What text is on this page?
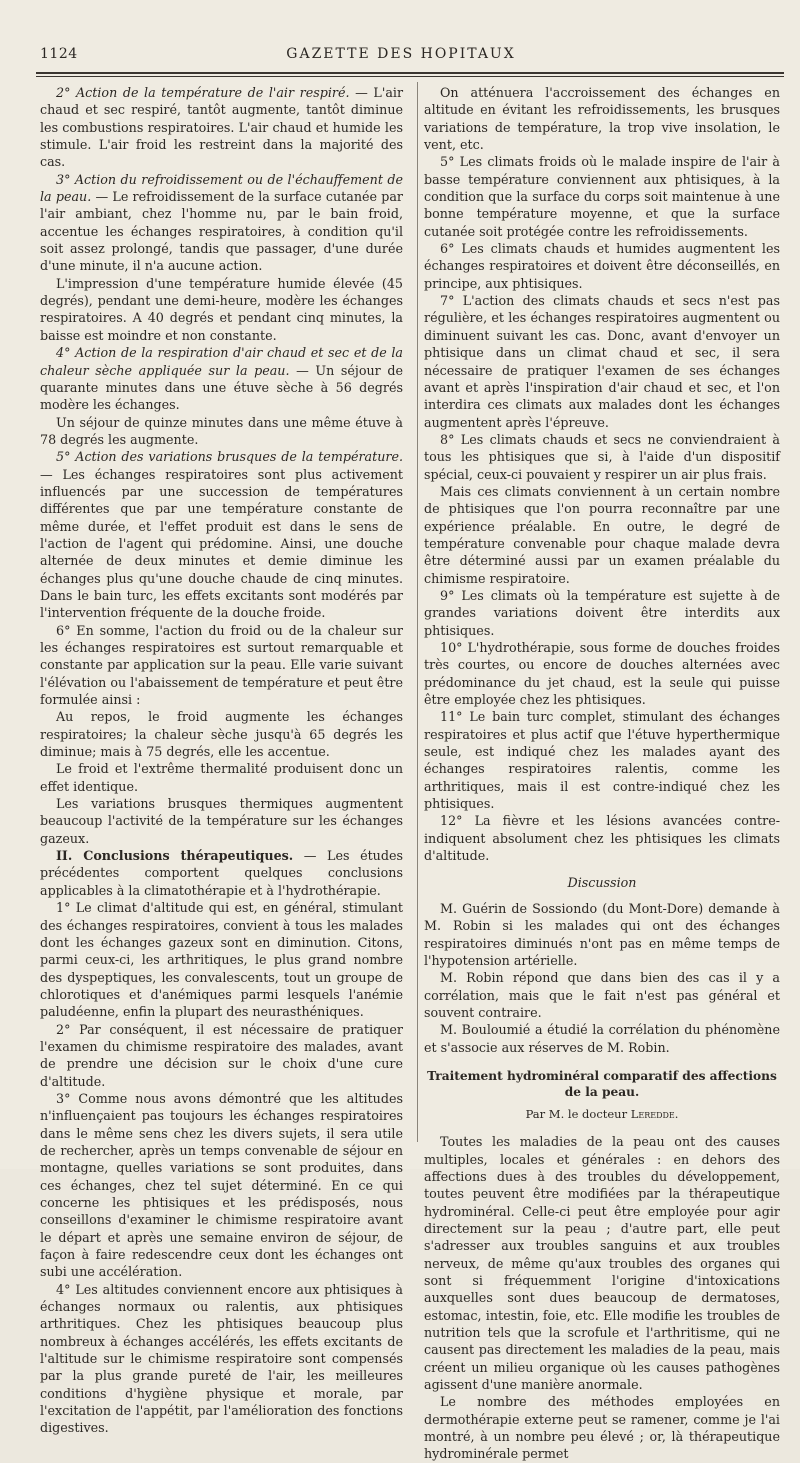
1124	GAZETTE DES HOPITAUX

2° Action de la température de l'air respiré. — L'air chaud et sec respiré, tantôt augmente, tantôt diminue les combustions respiratoires. L'air chaud et humide les stimule. L'air froid les restreint dans la majorité des cas.

3° Action du refroidissement ou de l'échauffement de la peau. — Le refroidissement de la surface cutanée par l'air ambiant, chez l'homme nu, par le bain froid, accentue les échanges respiratoires, à condition qu'il soit assez prolongé, tandis que passager, d'une durée d'une minute, il n'a aucune action.

L'impression d'une température humide élevée (45 degrés), pendant une demi-heure, modère les échanges respiratoires. A 40 degrés et pendant cinq minutes, la baisse est moindre et non constante.

4° Action de la respiration d'air chaud et sec et de la chaleur sèche appliquée sur la peau. — Un séjour de quarante minutes dans une étuve sèche à 56 degrés modère les échanges.

Un séjour de quinze minutes dans une même étuve à 78 degrés les augmente.

5° Action des variations brusques de la température. — Les échanges respiratoires sont plus activement influencés par une succession de températures différentes que par une température constante de même durée, et l'effet produit est dans le sens de l'action de l'agent qui prédomine. Ainsi, une douche alternée de deux minutes et demie diminue les échanges plus qu'une douche chaude de cinq minutes. Dans le bain turc, les effets excitants sont modérés par l'intervention fréquente de la douche froide.

6° En somme, l'action du froid ou de la chaleur sur les échanges respiratoires est surtout remarquable et constante par application sur la peau. Elle varie suivant l'élévation ou l'abaissement de température et peut être formulée ainsi :

Au repos, le froid augmente les échanges respiratoires; la chaleur sèche jusqu'à 65 degrés les diminue; mais à 75 degrés, elle les accentue.

Le froid et l'extrême thermalité produisent donc un effet identique.

Les variations brusques thermiques augmentent beaucoup l'activité de la température sur les échanges gazeux.

II. Conclusions thérapeutiques. — Les études précédentes comportent quelques conclusions applicables à la climatothérapie et à l'hydrothérapie.

1° Le climat d'altitude qui est, en général, stimulant des échanges respiratoires, convient à tous les malades dont les échanges gazeux sont en diminution. Citons, parmi ceux-ci, les arthritiques, le plus grand nombre des dyspeptiques, les convalescents, tout un groupe de chlorotiques et d'anémiques parmi lesquels l'anémie paludéenne, enfin la plupart des neurasthéniques.

2° Par conséquent, il est nécessaire de pratiquer l'examen du chimisme respiratoire des malades, avant de prendre une décision sur le choix d'une cure d'altitude.

3° Comme nous avons démontré que les altitudes n'influençaient pas toujours les échanges respiratoires dans le même sens chez les divers sujets, il sera utile de rechercher, après un temps convenable de séjour en montagne, quelles variations se sont produites, dans ces échanges, chez tel sujet déterminé. En ce qui concerne les phtisiques et les prédisposés, nous conseillons d'examiner le chimisme respiratoire avant le départ et après une semaine environ de séjour, de façon à faire redescendre ceux dont les échanges ont subi une accélération.

4° Les altitudes conviennent encore aux phtisiques à échanges normaux ou ralentis, aux phtisiques arthritiques. Chez les phtisiques beaucoup plus nombreux à échanges accélérés, les effets excitants de l'altitude sur le chimisme respiratoire sont compensés par la plus grande pureté de l'air, les meilleures conditions d'hygiène physique et morale, par l'excitation de l'appétit, par l'amélioration des fonctions digestives.

On atténuera l'accroissement des échanges en altitude en évitant les refroidissements, les brusques variations de température, la trop vive insolation, le vent, etc.

5° Les climats froids où le malade inspire de l'air à basse température conviennent aux phtisiques, à la condition que la surface du corps soit maintenue à une bonne température moyenne, et que la surface cutanée soit protégée contre les refroidissements.

6° Les climats chauds et humides augmentent les échanges respiratoires et doivent être déconseillés, en principe, aux phtisiques.

7° L'action des climats chauds et secs n'est pas régulière, et les échanges respiratoires augmentent ou diminuent suivant les cas. Donc, avant d'envoyer un phtisique dans un climat chaud et sec, il sera nécessaire de pratiquer l'examen de ses échanges avant et après l'inspiration d'air chaud et sec, et l'on interdira ces climats aux malades dont les échanges augmentent après l'épreuve.

8° Les climats chauds et secs ne conviendraient à tous les phtisiques que si, à l'aide d'un dispositif spécial, ceux-ci pouvaient y respirer un air plus frais.

Mais ces climats conviennent à un certain nombre de phtisiques que l'on pourra reconnaître par une expérience préalable. En outre, le degré de température convenable pour chaque malade devra être déterminé aussi par un examen préalable du chimisme respiratoire.

9° Les climats où la température est sujette à de grandes variations doivent être interdits aux phtisiques.

10° L'hydrothérapie, sous forme de douches froides très courtes, ou encore de douches alternées avec prédominance du jet chaud, est la seule qui puisse être employée chez les phtisiques.

11° Le bain turc complet, stimulant des échanges respiratoires et plus actif que l'étuve hyperthermique seule, est indiqué chez les malades ayant des échanges respiratoires ralentis, comme les arthritiques, mais il est contre-indiqué chez les phtisiques.

12° La fièvre et les lésions avancées contre-indiquent absolument chez les phtisiques les climats d'altitude.

Discussion

M. Guérin de Sossiondo (du Mont-Dore) demande à M. Robin si les malades qui ont des échanges respiratoires diminués n'ont pas en même temps de l'hypotension artérielle.

M. Robin répond que dans bien des cas il y a corrélation, mais que le fait n'est pas général et souvent contraire.

M. Bouloumié a étudié la corrélation du phénomène et s'associe aux réserves de M. Robin.

Traitement hydrominéral comparatif des affections de la peau.

Par M. le docteur Leredde.

Toutes les maladies de la peau ont des causes multiples, locales et générales : en dehors des affections dues à des troubles du développement, toutes peuvent être modifiées par la thérapeutique hydrominéral. Celle-ci peut être employée pour agir directement sur la peau ; d'autre part, elle peut s'adresser aux troubles sanguins et aux troubles nerveux, de même qu'aux troubles des organes qui sont si fréquemment l'origine d'intoxications auxquelles sont dues beaucoup de dermatoses, estomac, intestin, foie, etc. Elle modifie les troubles de nutrition tels que la scrofule et l'arthritisme, qui ne causent pas directement les maladies de la peau, mais créent un milieu organique où les causes pathogènes agissent d'une manière anormale.

Le nombre des méthodes employées en dermothérapie externe peut se ramener, comme je l'ai montré, à un nombre peu élevé ; or, là thérapeutique hydrominérale permet
